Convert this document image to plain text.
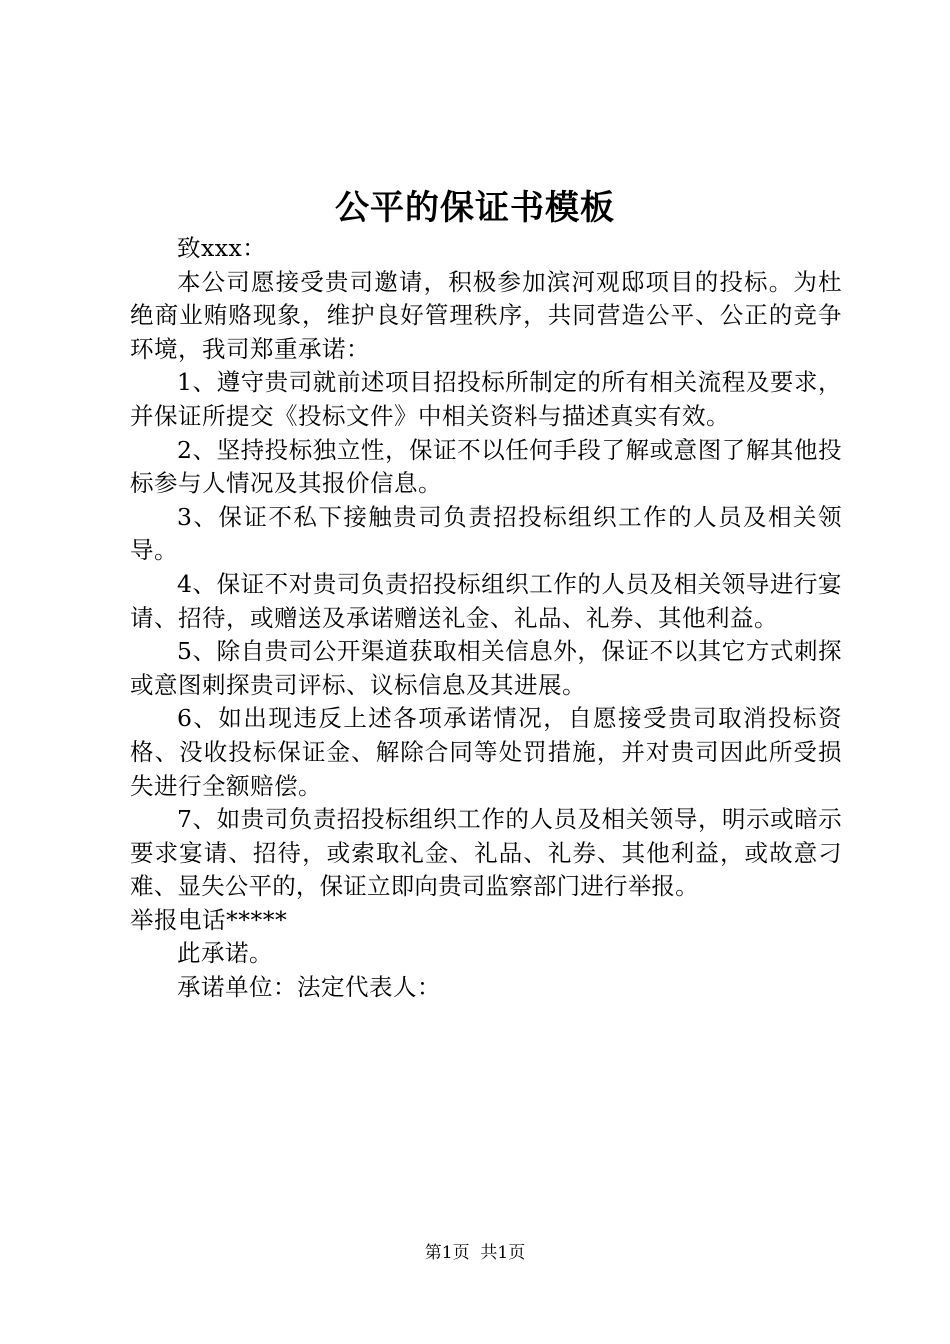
公平的保证书模板

致xxx：

本公司愿接受贵司邀请，积极参加滨河观邸项目的投标。为杜绝商业贿赂现象，维护良好管理秩序，共同营造公平、公正的竞争环境，我司郑重承诺：

1、遵守贵司就前述项目招投标所制定的所有相关流程及要求，并保证所提交《投标文件》中相关资料与描述真实有效。

2、坚持投标独立性，保证不以任何手段了解或意图了解其他投标参与人情况及其报价信息。

3、保证不私下接触贵司负责招投标组织工作的人员及相关领导。

4、保证不对贵司负责招投标组织工作的人员及相关领导进行宴请、招待，或赠送及承诺赠送礼金、礼品、礼券、其他利益。

5、除自贵司公开渠道获取相关信息外，保证不以其它方式刺探或意图刺探贵司评标、议标信息及其进展。

6、如出现违反上述各项承诺情况，自愿接受贵司取消投标资格、没收投标保证金、解除合同等处罚措施，并对贵司因此所受损失进行全额赔偿。

7、如贵司负责招投标组织工作的人员及相关领导，明示或暗示要求宴请、招待，或索取礼金、礼品、礼券、其他利益，或故意刁难、显失公平的，保证立即向贵司监察部门进行举报。

举报电话*****

此承诺。

承诺单位：法定代表人：

第1页 共1页
